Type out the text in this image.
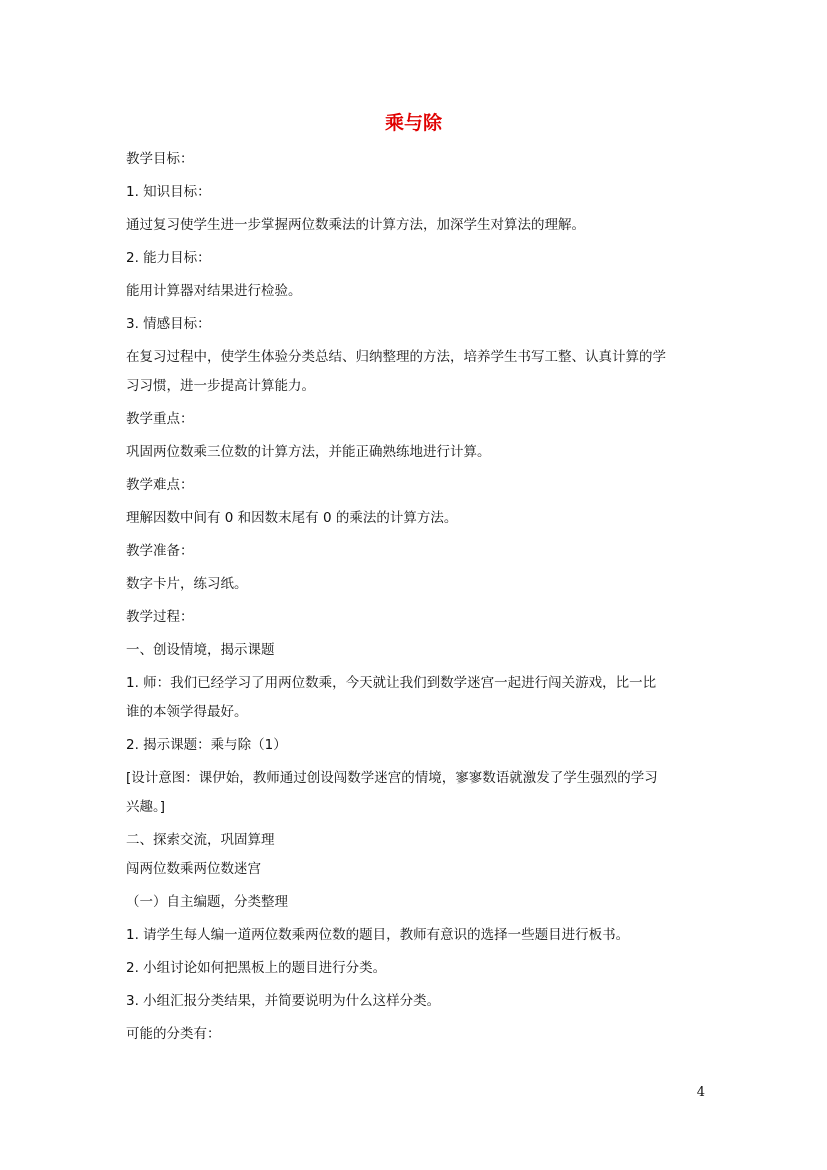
乘与除
教学目标：
1. 知识目标：
通过复习使学生进一步掌握两位数乘法的计算方法，加深学生对算法的理解。
2. 能力目标：
能用计算器对结果进行检验。
3. 情感目标：
在复习过程中，使学生体验分类总结、归纳整理的方法，培养学生书写工整、认真计算的学
习习惯，进一步提高计算能力。
教学重点：
巩固两位数乘三位数的计算方法，并能正确熟练地进行计算。
教学难点：
理解因数中间有 0 和因数末尾有 0 的乘法的计算方法。
教学准备：
数字卡片，练习纸。
教学过程：
一、创设情境，揭示课题
1. 师：我们已经学习了用两位数乘，今天就让我们到数学迷宫一起进行闯关游戏，比一比
谁的本领学得最好。
2. 揭示课题：乘与除（1）
[设计意图：课伊始，教师通过创设闯数学迷宫的情境，寥寥数语就激发了学生强烈的学习
兴趣。]
二、探索交流，巩固算理
闯两位数乘两位数迷宫
（一）自主编题，分类整理
1. 请学生每人编一道两位数乘两位数的题目，教师有意识的选择一些题目进行板书。
2. 小组讨论如何把黑板上的题目进行分类。
3. 小组汇报分类结果，并简要说明为什么这样分类。
可能的分类有：
4
